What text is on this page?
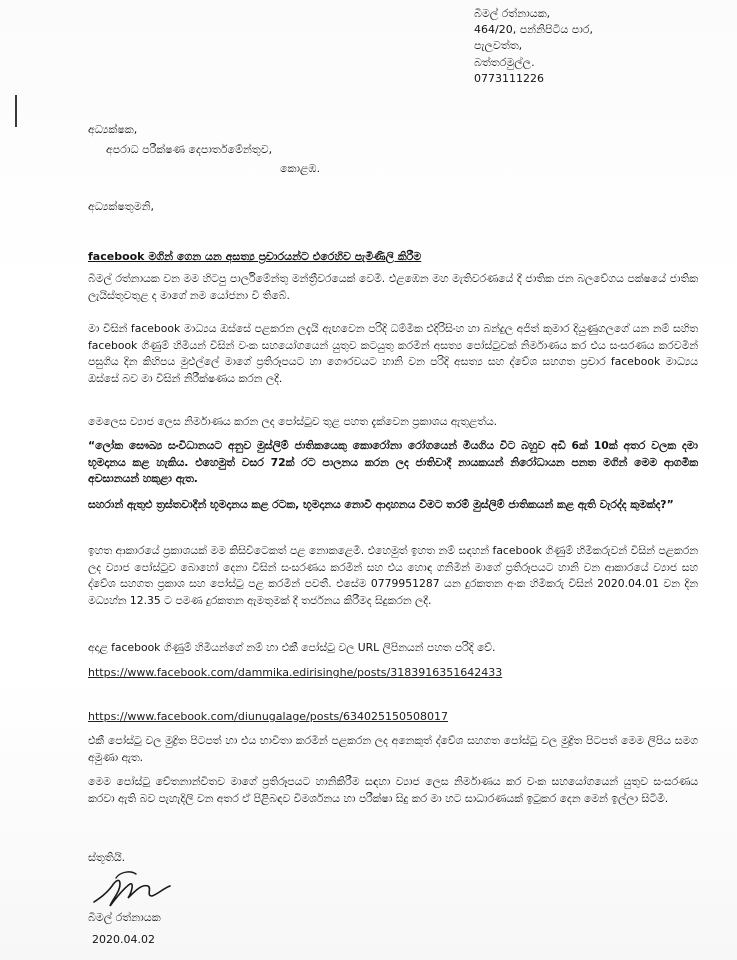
බිමල් රත්නායක,
464/20, පන්නිපිටිය පාර,
පැලවත්ත,
බත්තරමුල්ල.
0773111226
අධ්‍යක්ෂක,
අපරාධ පරීක්ෂණ දෙපාර්තමේන්තුව,
කොළඹ.
අධ්‍යක්ෂතුමනි,
facebook මගින් ගෙන යන අසත්‍ය ප්‍රචාරයන්ට එරෙහිව පැමිණිලි කිරීම

බිමල් රත්නායක වන මම හිටපු පාර්ලිමේන්තු මන්ත්‍රීවරයෙක් වෙමි. එළඹෙන මහ මැතිවරණයේ දී ජාතික ජන බලවේගය පක්ෂයේ ජාතික ලැයිස්තුවතුළ ද මාගේ නම යෝජනා වී තිබේ.

මා විසින් facebook මාධ්‍යය ඔස්සේ පළකරන ලදැයි ඇඟවෙන පරිදි ධම්මික එදිරිසිංහ හා බන්දුල අජිත් කුමාර දියුණුගලගේ යන නම් සහිත facebook ගිණුම් හිමියන් විසින් වංක සහයෝගයෙන් යුතුව කටයුතු කරමින් අසත්‍ය පෝස්ටුවක් නිර්මාණය කර එය සංසරණය කරවමින් පසුගිය දින කිහිපය මුළුල්ලේ මාගේ ප්‍රතිරූපයට හා ගෞරවයට හානි වන පරිදි අසත්‍ය සහ ද්වේශ සහගත ප්‍රචාර facebook මාධ්‍යය ඔස්සේ බව මා විසින් නිරීක්ෂණය කරන ලදී.

මෙලෙස ව්‍යාජ ලෙස නිර්මාණය කරන ලද පෝස්ටුව තුළ පහත දැක්වෙන ප්‍රකාශය ඇතුළත්ය.

“ලෝක සෞඛ්‍ය සංවිධානයට අනුව මුස්ලිම් ජාතිකයෙකු කොරෝනා රෝගයෙන් මියගිය විට බහුව අඩි 6ක් 10ක් අතර වලක දමා භූමදානය කළ හැකිය. එහෙමුත් වසර 72ක් රට පාලනය කරන ලද ජාතිවාදී නායකයන් නිරෝධායන පනත මගින් මෙම ආගමික අවසානයන් හකුළා ඇත.

සහරාන් ඇතුළු ත්‍රස්තවාදීන් භූමදානය කළ රටක, භූමදානය නොවී ආදාහනය වීමට තරම් මුස්ලිම් ජාතිකයන් කළ ඇති වැරද්ද කුමක්ද?”

ඉහත ආකාරයේ ප්‍රකාශයක් මම කිසිවිටෙකත් පළ නොකළෙමි. එහෙමුත් ඉහත නම් සඳහන් facebook ගිණුම් හිමිකරුවන් විසින් පළකරන ලද ව්‍යාජ පෝස්ටුව බොහෝ දෙනා විසින් සංසරණය කරමින් සහ එය හොඳ ගනිමින් මාගේ ප්‍රතිරූපයට හානි වන ආකාරයේ ව්‍යාජ සහ ද්වේශ සහගත ප්‍රකාශ සහ පෝස්ටු පළ කරමින් පවතී. එසේම 0779951287 යන දුරකතන අංක හිමිකරු විසින් 2020.04.01 වන දින මධ්‍යහ්න 12.35 ට පමණ දුරකතන ඇමතුමක් දී තර්ජනය කිරීමද සිදුකරන ලදී.

අදාළ facebook ගිණුම් හිමියන්ගේ නම් හා එකී පෝස්ටු වල URL ලිපිනයන් පහත පරිදි වේ.

https://www.facebook.com/dammika.edirisinghe/posts/3183916351642433
https://www.facebook.com/diunugalage/posts/634025150508017

එකී පෝස්ටු වල මුද්‍රිත පිටපත් හා එය භාවිතා කරමින් පළකරන ලද අනෙකුත් ද්වේශ සහගත පෝස්ටු වල මුද්‍රිත පිටපත් මෙම ලිපිය සමග අමුණා ඇත.

මෙම පෝස්ටු චේතනාන්විතව මාගේ ප්‍රතිරූපයට හානිකිරීම සඳහා ව්‍යාජ ලෙස නිර්මාණය කර වංක සහයෝගයෙන් යුතුව සංසරණය කරවා ඇති බව පැහැදිලි වන අතර ඒ පිළිබඳව විමර්ශනය හා පරීක්ෂා සිදු කර මා හට සාධාරණයක් ඉටුකර දෙන මෙන් ඉල්ලා සිටිමි.

ස්තූතියි.
බිමල් රත්නායක
2020.04.02
